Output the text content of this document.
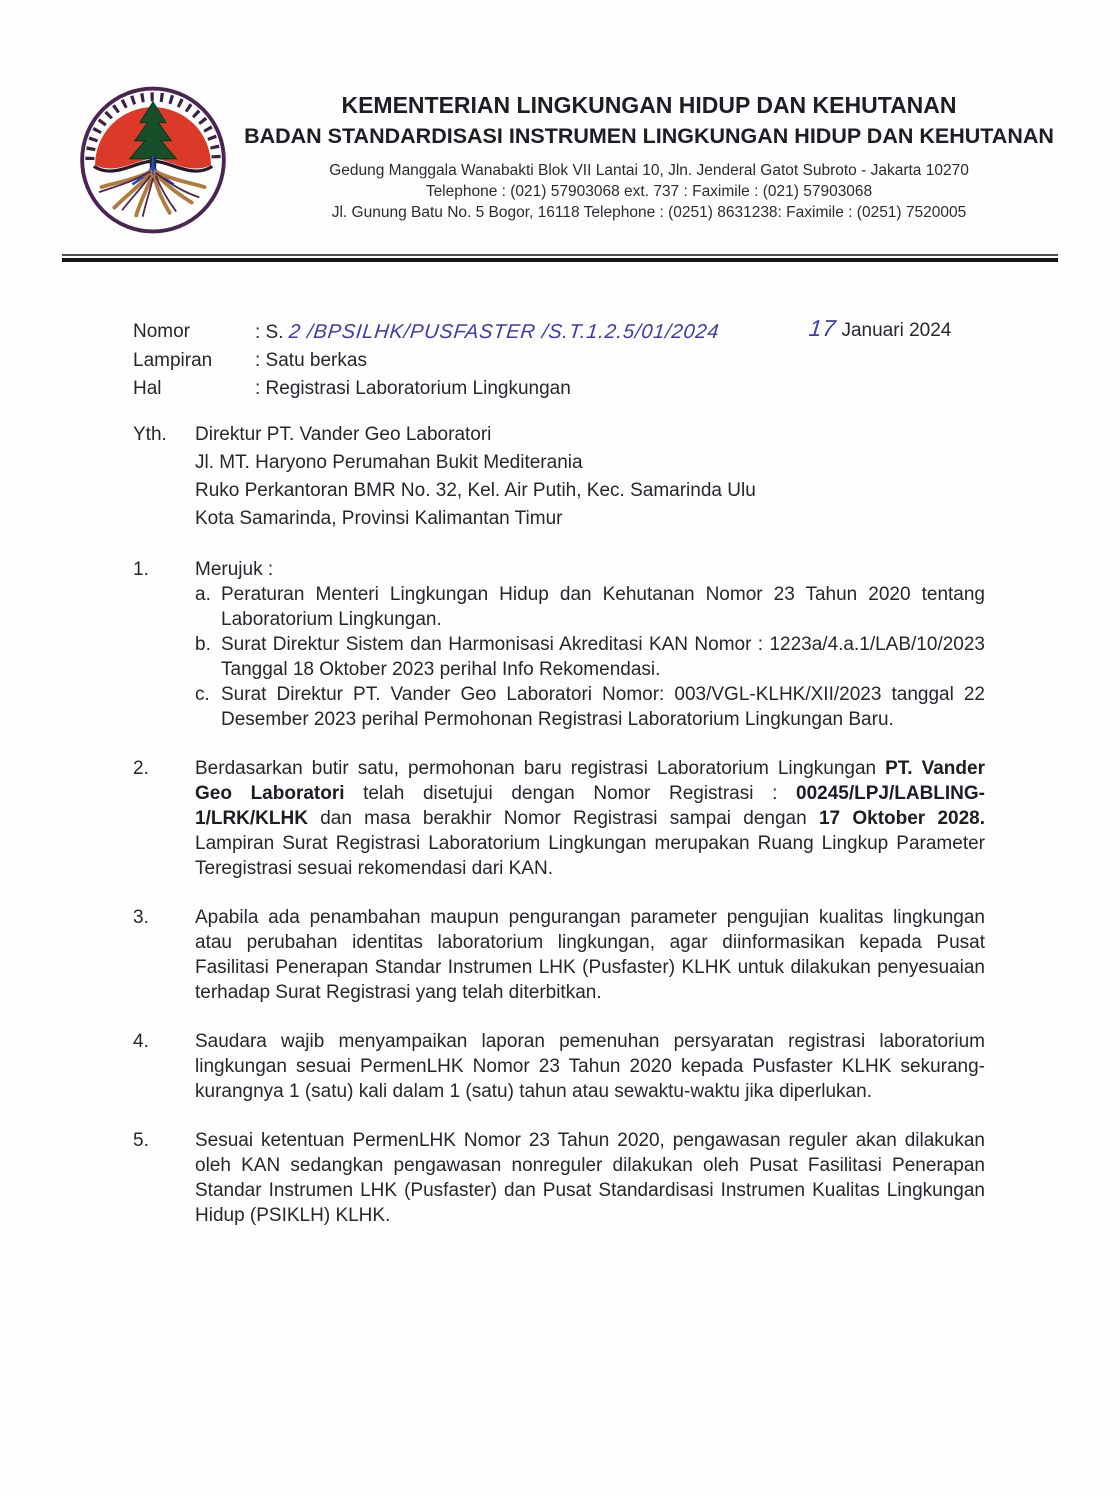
KEMENTERIAN LINGKUNGAN HIDUP DAN KEHUTANAN
BADAN STANDARDISASI INSTRUMEN LINGKUNGAN HIDUP DAN KEHUTANAN
Gedung Manggala Wanabakti Blok VII Lantai 10, Jln. Jenderal Gatot Subroto - Jakarta 10270
Telephone : (021) 57903068 ext. 737 : Faximile : (021) 57903068
Jl. Gunung Batu No. 5 Bogor, 16118 Telephone : (0251) 8631238: Faximile : (0251) 7520005
17 Januari 2024
Nomor	: S. 2 /BPSILHK/PUSFASTER /S.T.1.2.5/01/2024
Lampiran	: Satu berkas
Hal	: Registrasi Laboratorium Lingkungan
Yth.	Direktur PT. Vander Geo Laboratori
Jl. MT. Haryono Perumahan Bukit Mediterania
Ruko Perkantoran BMR No. 32, Kel. Air Putih, Kec. Samarinda Ulu
Kota Samarinda, Provinsi Kalimantan Timur
1.	Merujuk :
a. Peraturan Menteri Lingkungan Hidup dan Kehutanan Nomor 23 Tahun 2020 tentang Laboratorium Lingkungan.
b. Surat Direktur Sistem dan Harmonisasi Akreditasi KAN Nomor : 1223a/4.a.1/LAB/10/2023 Tanggal 18 Oktober 2023 perihal Info Rekomendasi.
c. Surat Direktur PT. Vander Geo Laboratori Nomor: 003/VGL-KLHK/XII/2023 tanggal 22 Desember 2023 perihal Permohonan Registrasi Laboratorium Lingkungan Baru.
2.	Berdasarkan butir satu, permohonan baru registrasi Laboratorium Lingkungan PT. Vander Geo Laboratori telah disetujui dengan Nomor Registrasi : 00245/LPJ/LABLING-1/LRK/KLHK dan masa berakhir Nomor Registrasi sampai dengan 17 Oktober 2028. Lampiran Surat Registrasi Laboratorium Lingkungan merupakan Ruang Lingkup Parameter Teregistrasi sesuai rekomendasi dari KAN.
3.	Apabila ada penambahan maupun pengurangan parameter pengujian kualitas lingkungan atau perubahan identitas laboratorium lingkungan, agar diinformasikan kepada Pusat Fasilitasi Penerapan Standar Instrumen LHK (Pusfaster) KLHK untuk dilakukan penyesuaian terhadap Surat Registrasi yang telah diterbitkan.
4.	Saudara wajib menyampaikan laporan pemenuhan persyaratan registrasi laboratorium lingkungan sesuai PermenLHK Nomor 23 Tahun 2020 kepada Pusfaster KLHK sekurang-kurangnya 1 (satu) kali dalam 1 (satu) tahun atau sewaktu-waktu jika diperlukan.
5.	Sesuai ketentuan PermenLHK Nomor 23 Tahun 2020, pengawasan reguler akan dilakukan oleh KAN sedangkan pengawasan nonreguler dilakukan oleh Pusat Fasilitasi Penerapan Standar Instrumen LHK (Pusfaster) dan Pusat Standardisasi Instrumen Kualitas Lingkungan Hidup (PSIKLH) KLHK.
